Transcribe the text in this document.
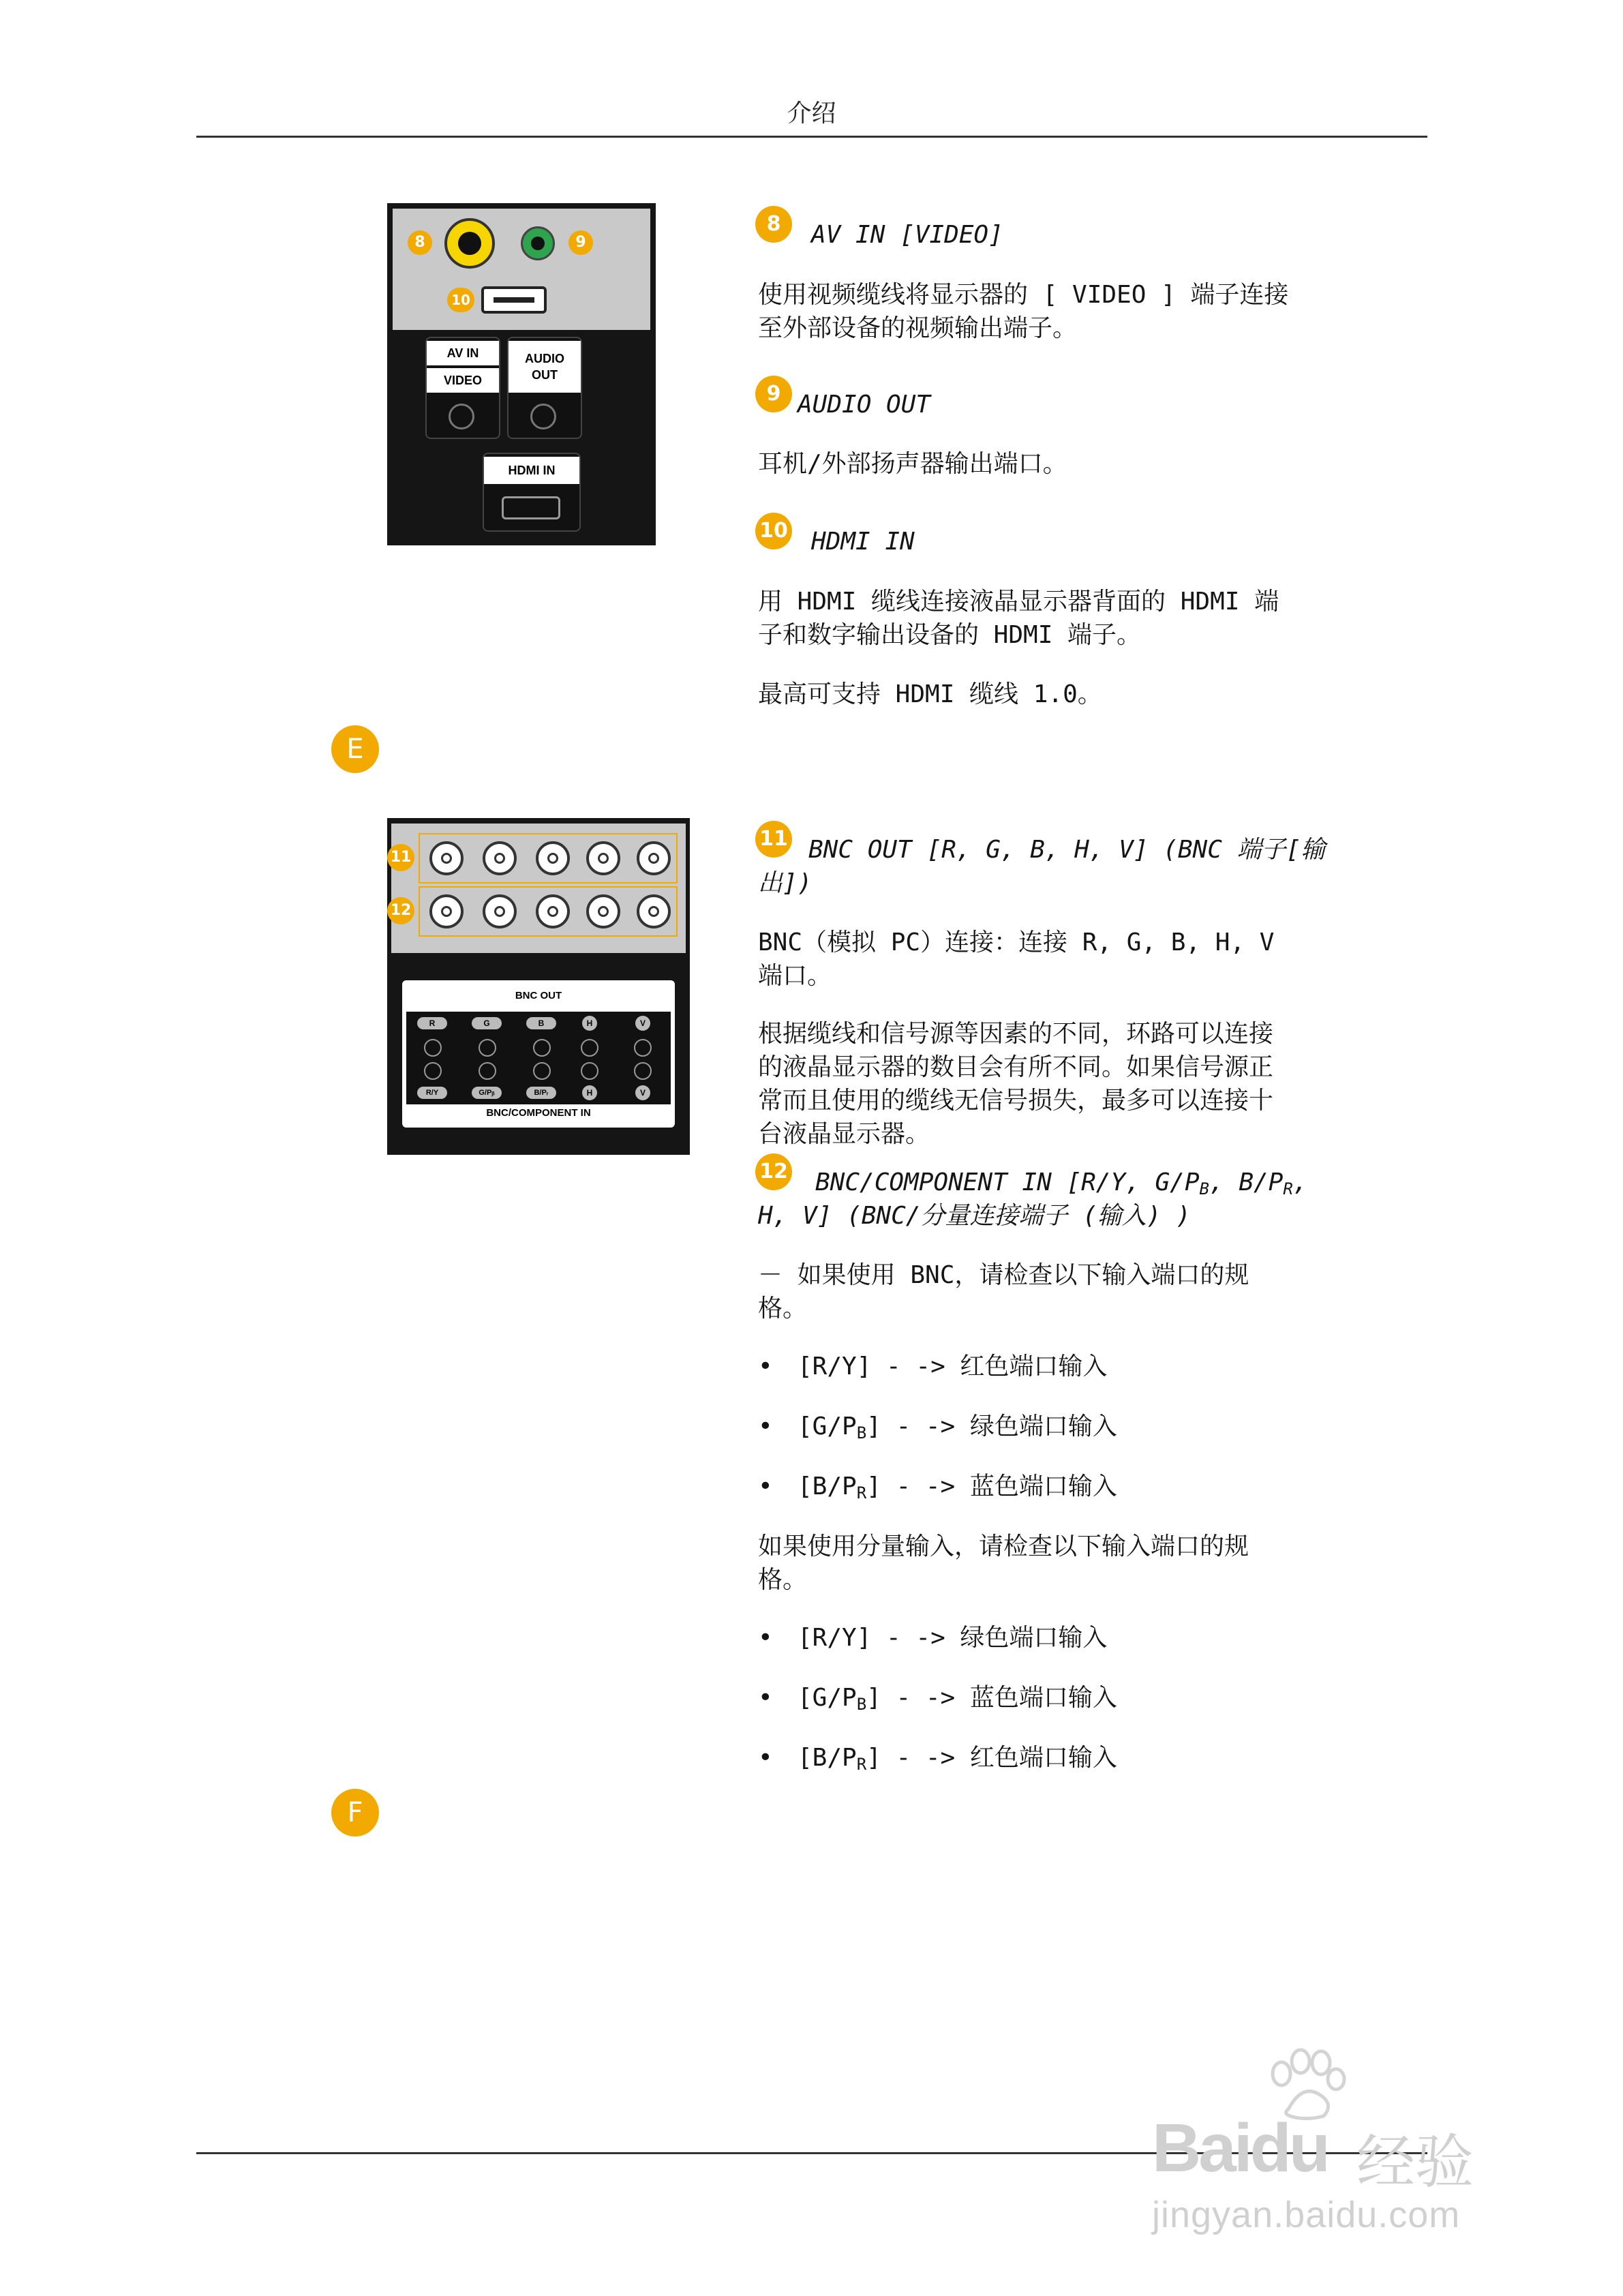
介绍
8	9
10
AV IN
VIDEO
AUDIO
OUT
HDMI IN
8	AV IN [VIDEO]
使用视频缆线将显示器的 [ VIDEO ] 端子连接至外部设备的视频输出端子。
9 AUDIO OUT
耳机/外部扬声器输出端口。
10 HDMI IN
用 HDMI 缆线连接液晶显示器背面的 HDMI 端子和数字输出设备的 HDMI 端子。
最高可支持 HDMI 缆线 1.0。
E
11
12
BNC OUT
R	G	B	H	V
R/Y	G/Pᵦ	B/Pᵣ	H	V
BNC/COMPONENT IN
11 BNC OUT [R, G, B, H, V] (BNC 端子[输
出])
BNC（模拟 PC）连接：连接 R, G, B, H, V 端口。
根据缆线和信号源等因素的不同，环路可以连接的液晶显示器的数目会有所不同。如果信号源正常而且使用的缆线无信号损失，最多可以连接十台液晶显示器。
12 BNC/COMPONENT IN [R/Y, $G/P_B$, $B/P_R$,
H, V] (BNC/分量连接端子 (输入) )
－ 如果使用 BNC，请检查以下输入端口的规格。
• [R/Y] - -> 红色端口输入
• $[G/P_B]$ - -> 绿色端口输入
• $[B/P_R]$ - -> 蓝色端口输入
如果使用分量输入，请检查以下输入端口的规格。
• [R/Y] - -> 绿色端口输入
• $[G/P_B]$ - -> 蓝色端口输入
• $[B/P_R]$ - -> 红色端口输入
F
Baidu 经验
jingyan.baidu.com
